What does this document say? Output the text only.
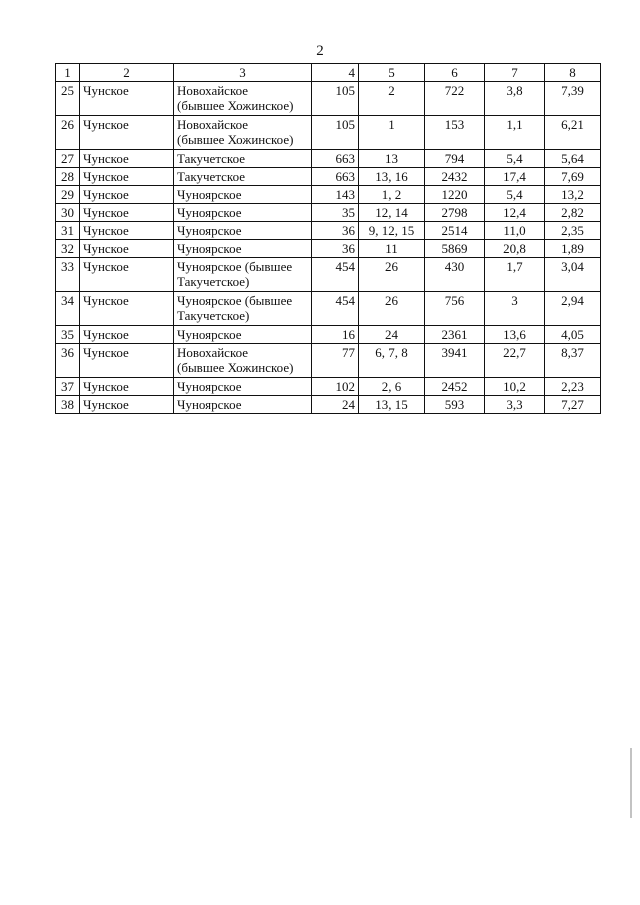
2
1	2	3	4	5	6	7	8
25	Чунское	Новохайское
(бывшее Хожинское)	105	2	722	3,8	7,39
26	Чунское	Новохайское
(бывшее Хожинское)	105	1	153	1,1	6,21
27	Чунское	Такучетское	663	13	794	5,4	5,64
28	Чунское	Такучетское	663	13, 16	2432	17,4	7,69
29	Чунское	Чуноярское	143	1, 2	1220	5,4	13,2
30	Чунское	Чуноярское	35	12, 14	2798	12,4	2,82
31	Чунское	Чуноярское	36	9, 12, 15	2514	11,0	2,35
32	Чунское	Чуноярское	36	11	5869	20,8	1,89
33	Чунское	Чуноярское (бывшее
Такучетское)	454	26	430	1,7	3,04
34	Чунское	Чуноярское (бывшее
Такучетское)	454	26	756	3	2,94
35	Чунское	Чуноярское	16	24	2361	13,6	4,05
36	Чунское	Новохайское
(бывшее Хожинское)	77	6, 7, 8	3941	22,7	8,37
37	Чунское	Чуноярское	102	2, 6	2452	10,2	2,23
38	Чунское	Чуноярское	24	13, 15	593	3,3	7,27
